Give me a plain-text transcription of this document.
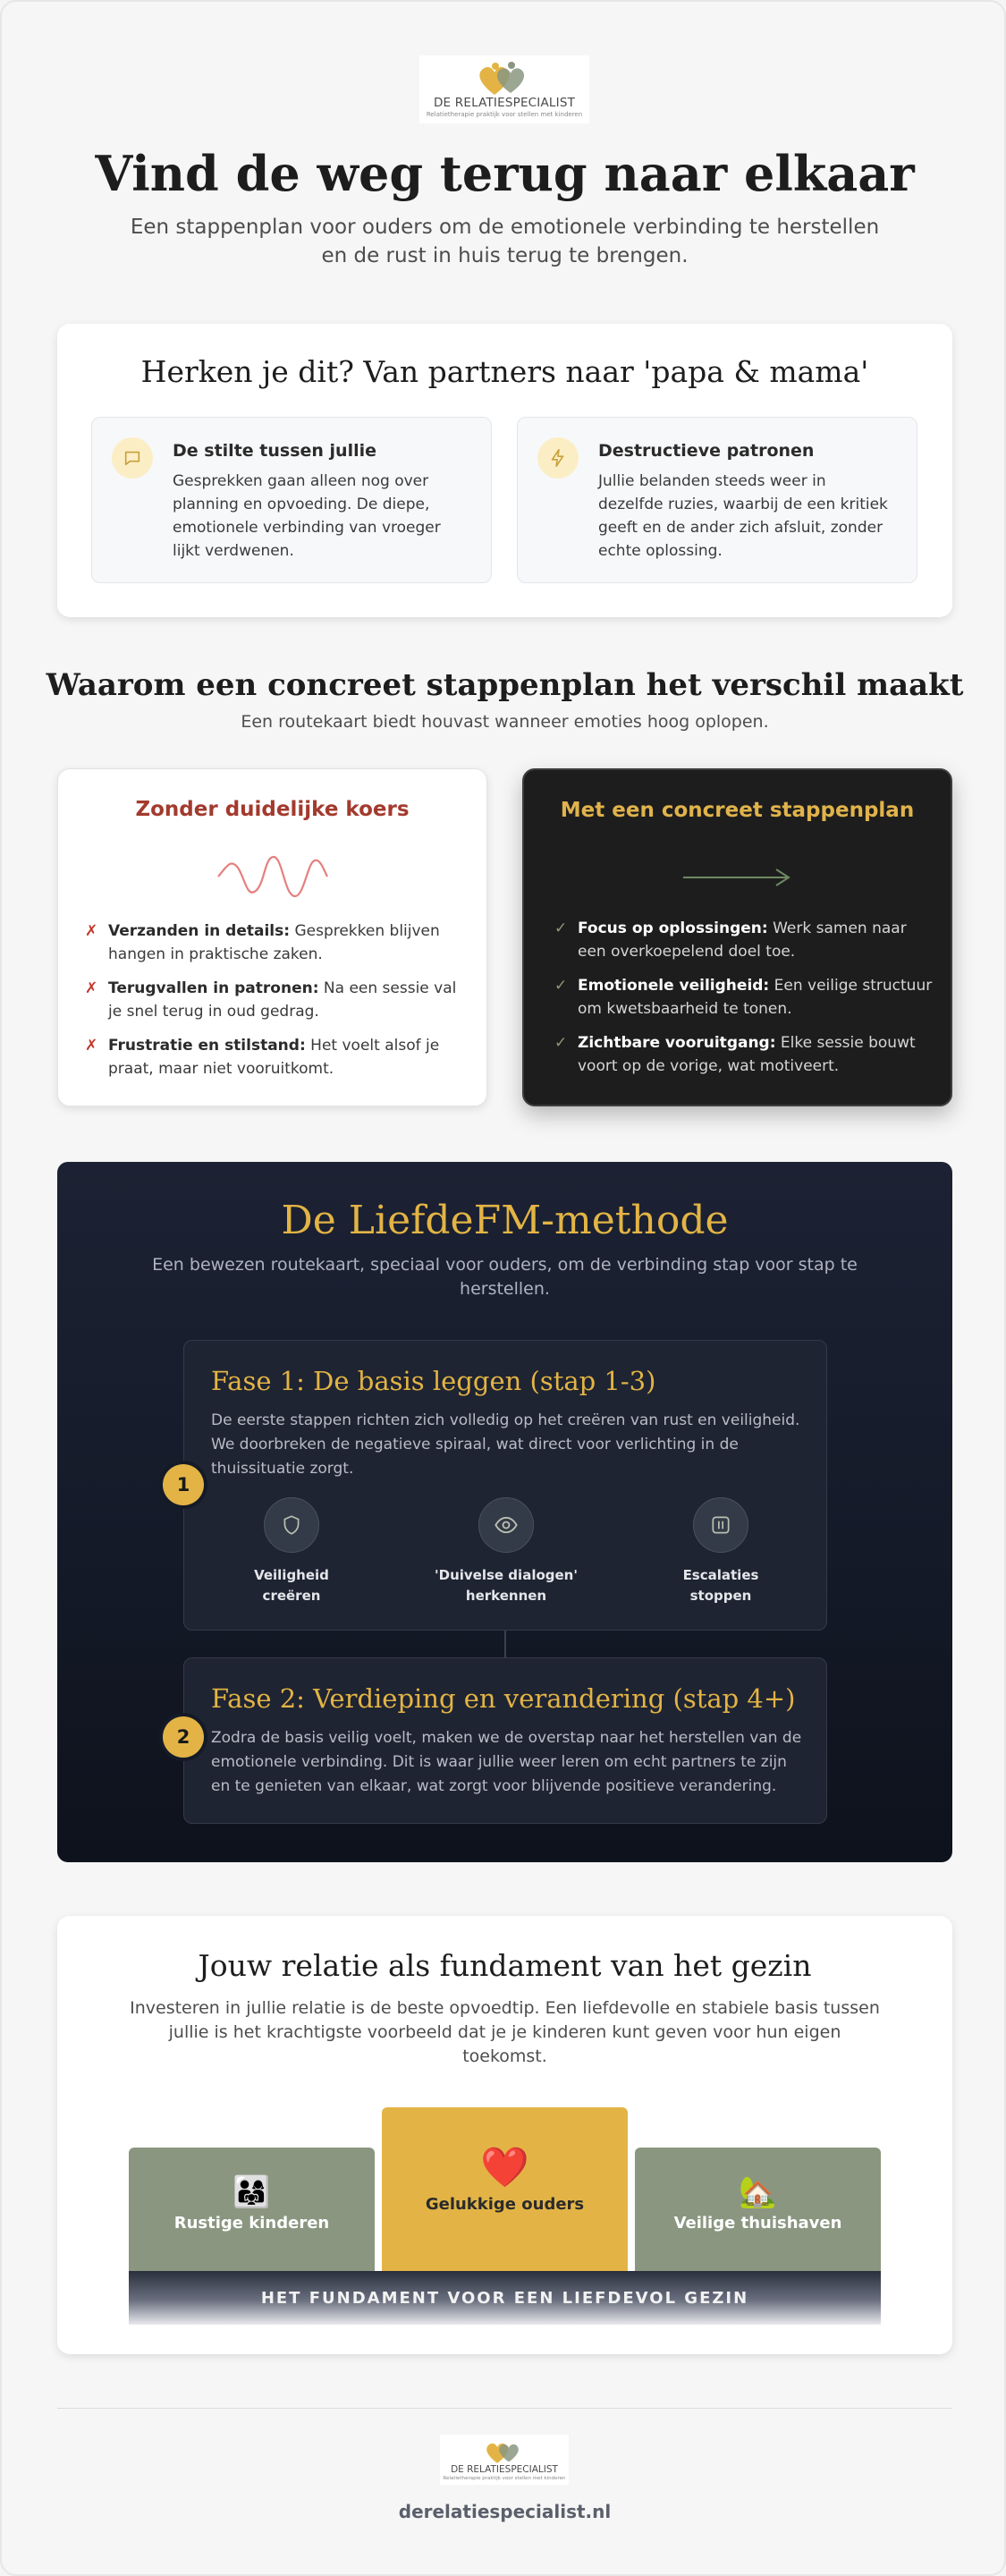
DE RELATIESPECIALIST
Relatietherapie praktijk voor stellen met kinderen
Vind de weg terug naar elkaar

Een stappenplan voor ouders om de emotionele verbinding te herstellen en de rust in huis terug te brengen.

Herken je dit? Van partners naar 'papa & mama'
De stilte tussen jullie

Gesprekken gaan alleen nog over planning en opvoeding. De diepe, emotionele verbinding van vroeger lijkt verdwenen.

Destructieve patronen

Jullie belanden steeds weer in dezelfde ruzies, waarbij de een kritiek geeft en de ander zich afsluit, zonder echte oplossing.

Waarom een concreet stappenplan het verschil maakt

Een routekaart biedt houvast wanneer emoties hoog oplopen.

Zonder duidelijke koers
✗ Verzanden in details: Gesprekken blijven hangen in praktische zaken.
✗ Terugvallen in patronen: Na een sessie val je snel terug in oud gedrag.
✗ Frustratie en stilstand: Het voelt alsof je praat, maar niet vooruitkomt.
Met een concreet stappenplan
✓ Focus op oplossingen: Werk samen naar een overkoepelend doel toe.
✓ Emotionele veiligheid: Een veilige structuur om kwetsbaarheid te tonen.
✓ Zichtbare vooruitgang: Elke sessie bouwt voort op de vorige, wat motiveert.
De LiefdeFM-methode

Een bewezen routekaart, speciaal voor ouders, om de verbinding stap voor stap te herstellen.

Fase 1: De basis leggen (stap 1-3)

De eerste stappen richten zich volledig op het creëren van rust en veiligheid. We doorbreken de negatieve spiraal, wat direct voor verlichting in de thuissituatie zorgt.

Veiligheid
creëren
'Duivelse dialogen'
herkennen
Escalaties
stoppen
Fase 2: Verdieping en verandering (stap 4+)

Zodra de basis veilig voelt, maken we de overstap naar het herstellen van de emotionele verbinding. Dit is waar jullie weer leren om echt partners te zijn en te genieten van elkaar, wat zorgt voor blijvende positieve verandering.

1
2
Jouw relatie als fundament van het gezin

Investeren in jullie relatie is de beste opvoedtip. Een liefdevolle en stabiele basis tussen jullie is het krachtigste voorbeeld dat je je kinderen kunt geven voor hun eigen toekomst.

👨‍👩‍👧
Rustige kinderen
❤️
Gelukkige ouders	🏡
Veilige thuishaven
HET FUNDAMENT VOOR EEN LIEFDEVOL GEZIN
DE RELATIESPECIALIST
Relatietherapie praktijk voor stellen met kinderen
derelatiespecialist.nl
